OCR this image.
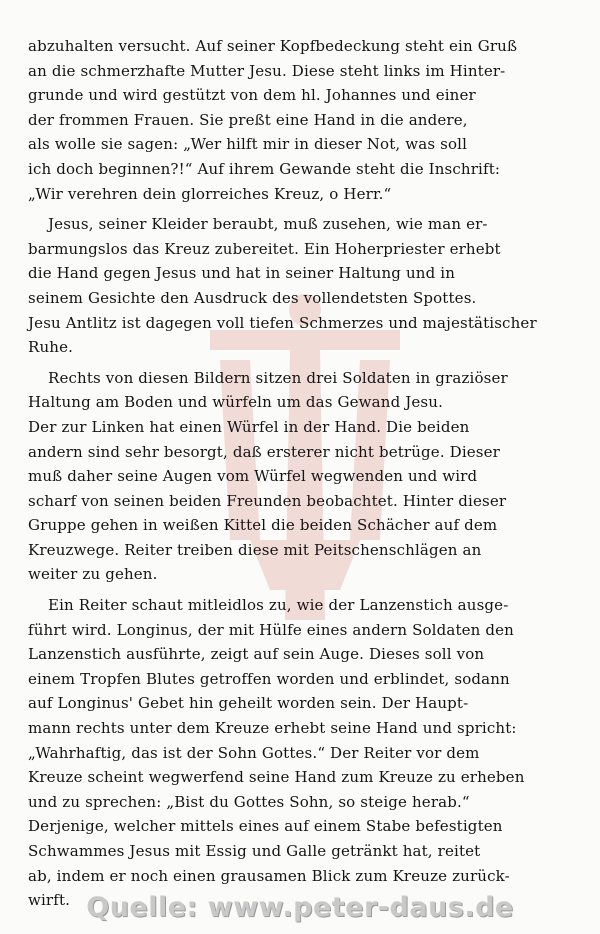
abzuhalten versucht. Auf seiner Kopfbedeckung steht ein Gruß
an die schmerzhafte Mutter Jesu. Diese steht links im Hinter-
grunde und wird gestützt von dem hl. Johannes und einer
der frommen Frauen. Sie preßt eine Hand in die andere,
als wolle sie sagen: „Wer hilft mir in dieser Not, was soll
ich doch beginnen?!“ Auf ihrem Gewande steht die Inschrift:
„Wir verehren dein glorreiches Kreuz, o Herr.“

Jesus, seiner Kleider beraubt, muß zusehen, wie man er-
barmungslos das Kreuz zubereitet. Ein Hoherpriester erhebt
die Hand gegen Jesus und hat in seiner Haltung und in
seinem Gesichte den Ausdruck des vollendetsten Spottes.
Jesu Antlitz ist dagegen voll tiefen Schmerzes und majestätischer
Ruhe.

Rechts von diesen Bildern sitzen drei Soldaten in graziöser
Haltung am Boden und würfeln um das Gewand Jesu.
Der zur Linken hat einen Würfel in der Hand. Die beiden
andern sind sehr besorgt, daß ersterer nicht betrüge. Dieser
muß daher seine Augen vom Würfel wegwenden und wird
scharf von seinen beiden Freunden beobachtet. Hinter dieser
Gruppe gehen in weißen Kittel die beiden Schächer auf dem
Kreuzwege. Reiter treiben diese mit Peitschenschlägen an
weiter zu gehen.

Ein Reiter schaut mitleidlos zu, wie der Lanzenstich ausge-
führt wird. Longinus, der mit Hülfe eines andern Soldaten den
Lanzenstich ausführte, zeigt auf sein Auge. Dieses soll von
einem Tropfen Blutes getroffen worden und erblindet, sodann
auf Longinus' Gebet hin geheilt worden sein. Der Haupt-
mann rechts unter dem Kreuze erhebt seine Hand und spricht:
„Wahrhaftig, das ist der Sohn Gottes.“ Der Reiter vor dem
Kreuze scheint wegwerfend seine Hand zum Kreuze zu erheben
und zu sprechen: „Bist du Gottes Sohn, so steige herab.“
Derjenige, welcher mittels eines auf einem Stabe befestigten
Schwammes Jesus mit Essig und Galle getränkt hat, reitet
ab, indem er noch einen grausamen Blick zum Kreuze zurück-
wirft. Quelle: www.peter-daus.de
